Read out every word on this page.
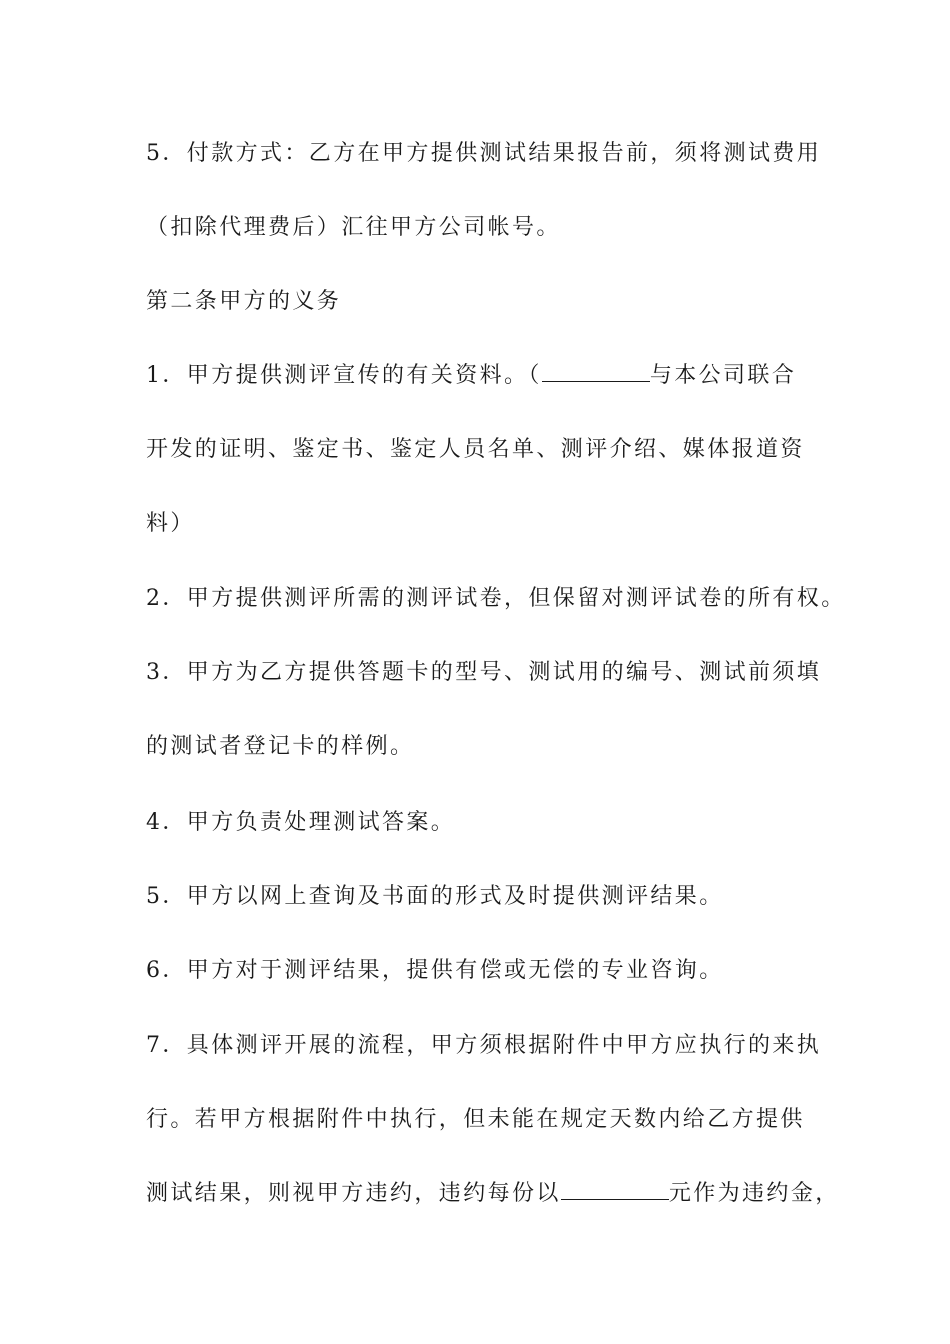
5．付款方式：乙方在甲方提供测试结果报告前，须将测试费用
（扣除代理费后）汇往甲方公司帐号。
第二条甲方的义务
1．甲方提供测评宣传的有关资料。（	与本公司联合
开发的证明、鉴定书、鉴定人员名单、测评介绍、媒体报道资
料）
2．甲方提供测评所需的测评试卷，但保留对测评试卷的所有权。
3．甲方为乙方提供答题卡的型号、测试用的编号、测试前须填
的测试者登记卡的样例。
4．甲方负责处理测试答案。
5．甲方以网上查询及书面的形式及时提供测评结果。
6．甲方对于测评结果，提供有偿或无偿的专业咨询。
7．具体测评开展的流程，甲方须根据附件中甲方应执行的来执
行。若甲方根据附件中执行，但未能在规定天数内给乙方提供
测试结果，则视甲方违约，违约每份以	元作为违约金，
